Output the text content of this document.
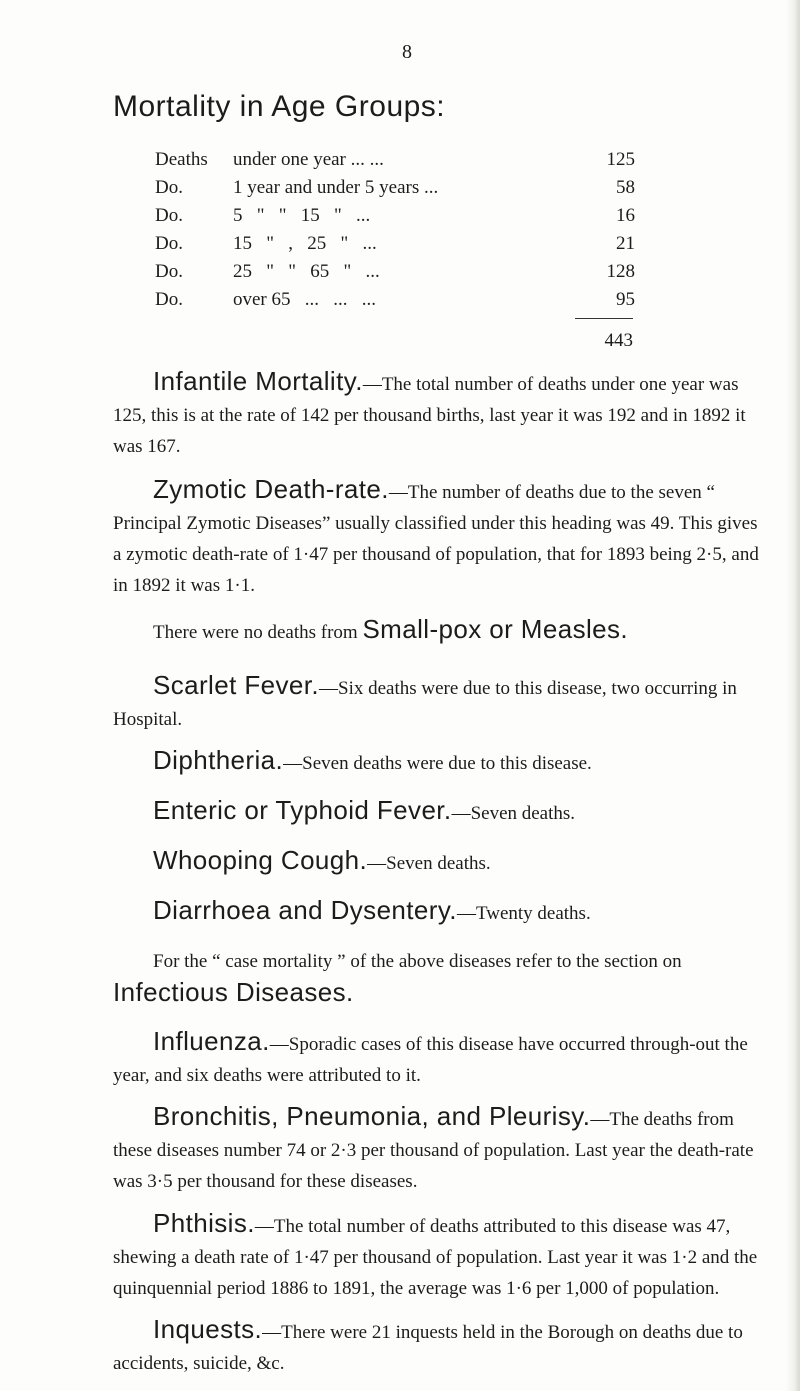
8
Mortality in Age Groups:
Deaths under one year ... ...	125
Do.	1 year and under 5 years ...	58
Do.	5   "   "   15   "   ...	16
Do.	15   "   ,   25   "   ...	21
Do.	25   "   "   65   "   ...	128
Do.	over 65   ...   ...   ...	95
443

Infantile Mortality.—The total number of deaths under one year was 125, this is at the rate of 142 per thousand births, last year it was 192 and in 1892 it was 167.

Zymotic Death-rate.—The number of deaths due to the seven “ Principal Zymotic Diseases” usually classified under this heading was 49. This gives a zymotic death-rate of 1·47 per thousand of population, that for 1893 being 2·5, and in 1892 it was 1·1.

There were no deaths from Small-pox or Measles.

Scarlet Fever.—Six deaths were due to this disease, two occurring in Hospital.

Diphtheria.—Seven deaths were due to this disease.

Enteric or Typhoid Fever.—Seven deaths.

Whooping Cough.—Seven deaths.

Diarrhoea and Dysentery.—Twenty deaths.

For the “ case mortality ” of the above diseases refer to the section on Infectious Diseases.

Influenza.—Sporadic cases of this disease have occurred through-out the year, and six deaths were attributed to it.

Bronchitis, Pneumonia, and Pleurisy.—The deaths from these diseases number 74 or 2·3 per thousand of population. Last year the death-rate was 3·5 per thousand for these diseases.

Phthisis.—The total number of deaths attributed to this disease was 47, shewing a death rate of 1·47 per thousand of population. Last year it was 1·2 and the quinquennial period 1886 to 1891, the average was 1·6 per 1,000 of population.

Inquests.—There were 21 inquests held in the Borough on deaths due to accidents, suicide, &c.
